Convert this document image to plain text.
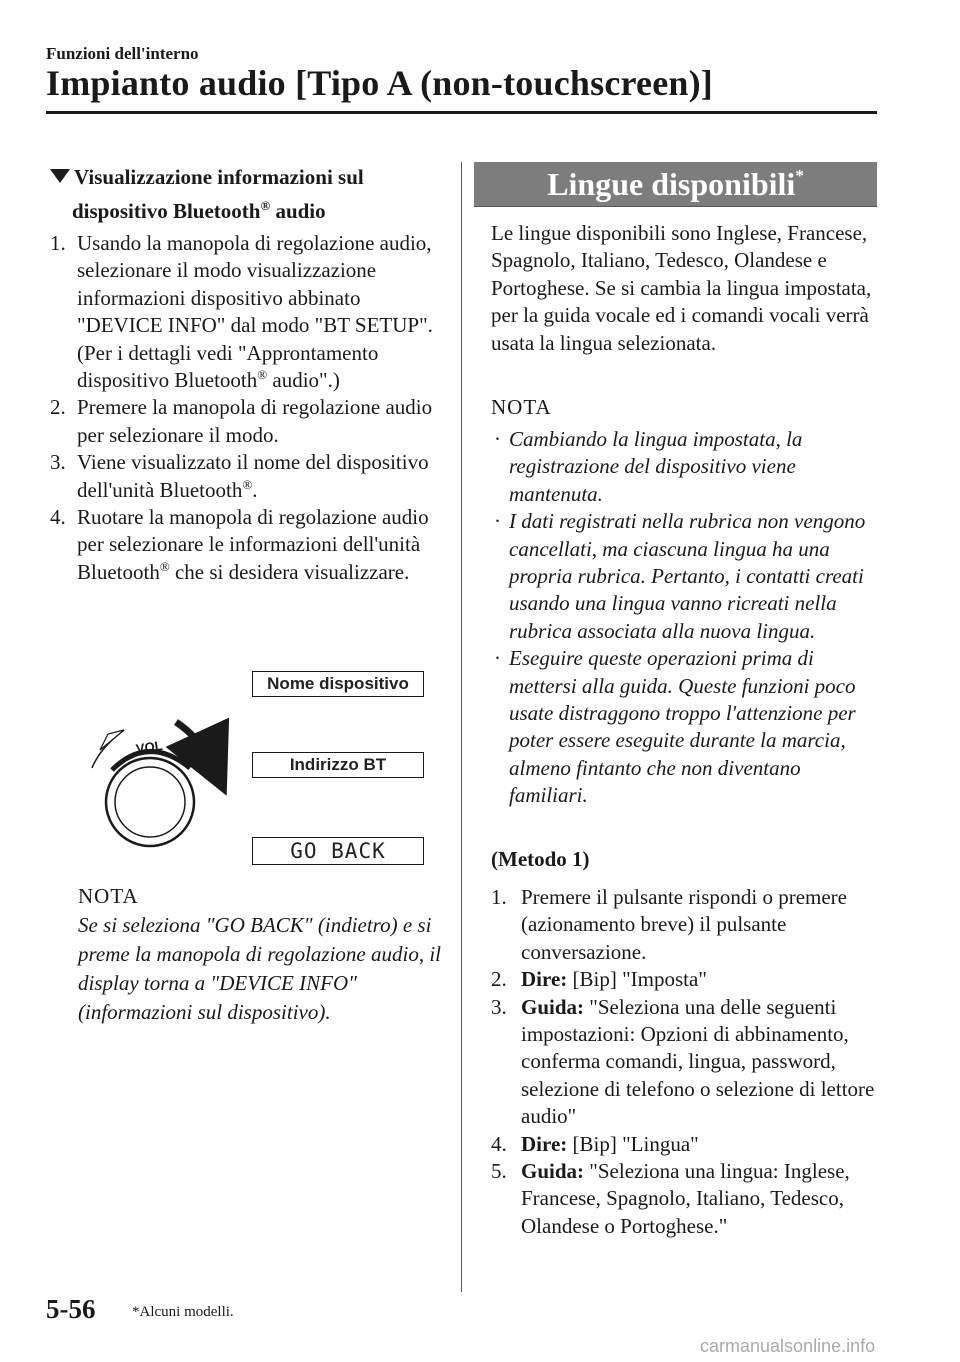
Funzioni dell'interno
Impianto audio [Tipo A (non-touchscreen)]
Visualizzazione informazioni sul
dispositivo Bluetooth® audio
1. Usando la manopola di regolazione audio, selezionare il modo visualizzazione informazioni dispositivo abbinato "DEVICE INFO" dal modo "BT SETUP". (Per i dettagli vedi "Approntamento dispositivo Bluetooth® audio".)
2. Premere la manopola di regolazione audio per selezionare il modo.
3. Viene visualizzato il nome del dispositivo dell'unità Bluetooth®.
4. Ruotare la manopola di regolazione audio per selezionare le informazioni dell'unità Bluetooth® che si desidera visualizzare.
VOL
Nome dispositivo
Indirizzo BT
GO BACK
NOTA
Se si seleziona "GO BACK" (indietro) e si preme la manopola di regolazione audio, il display torna a "DEVICE INFO" (informazioni sul dispositivo).
Lingue disponibili*
Le lingue disponibili sono Inglese, Francese, Spagnolo, Italiano, Tedesco, Olandese e Portoghese. Se si cambia la lingua impostata, per la guida vocale ed i comandi vocali verrà usata la lingua selezionata.
NOTA
· Cambiando la lingua impostata, la registrazione del dispositivo viene mantenuta.
· I dati registrati nella rubrica non vengono cancellati, ma ciascuna lingua ha una propria rubrica. Pertanto, i contatti creati usando una lingua vanno ricreati nella rubrica associata alla nuova lingua.
· Eseguire queste operazioni prima di mettersi alla guida. Queste funzioni poco usate distraggono troppo l'attenzione per poter essere eseguite durante la marcia, almeno fintanto che non diventano familiari.
(Metodo 1)
1. Premere il pulsante rispondi o premere (azionamento breve) il pulsante conversazione.
2. Dire: [Bip] "Imposta"
3. Guida: "Seleziona una delle seguenti impostazioni: Opzioni di abbinamento, conferma comandi, lingua, password, selezione di telefono o selezione di lettore audio"
4. Dire: [Bip] "Lingua"
5. Guida: "Seleziona una lingua: Inglese, Francese, Spagnolo, Italiano, Tedesco, Olandese o Portoghese."
5-56 *Alcuni modelli.
carmanualsonline.info
